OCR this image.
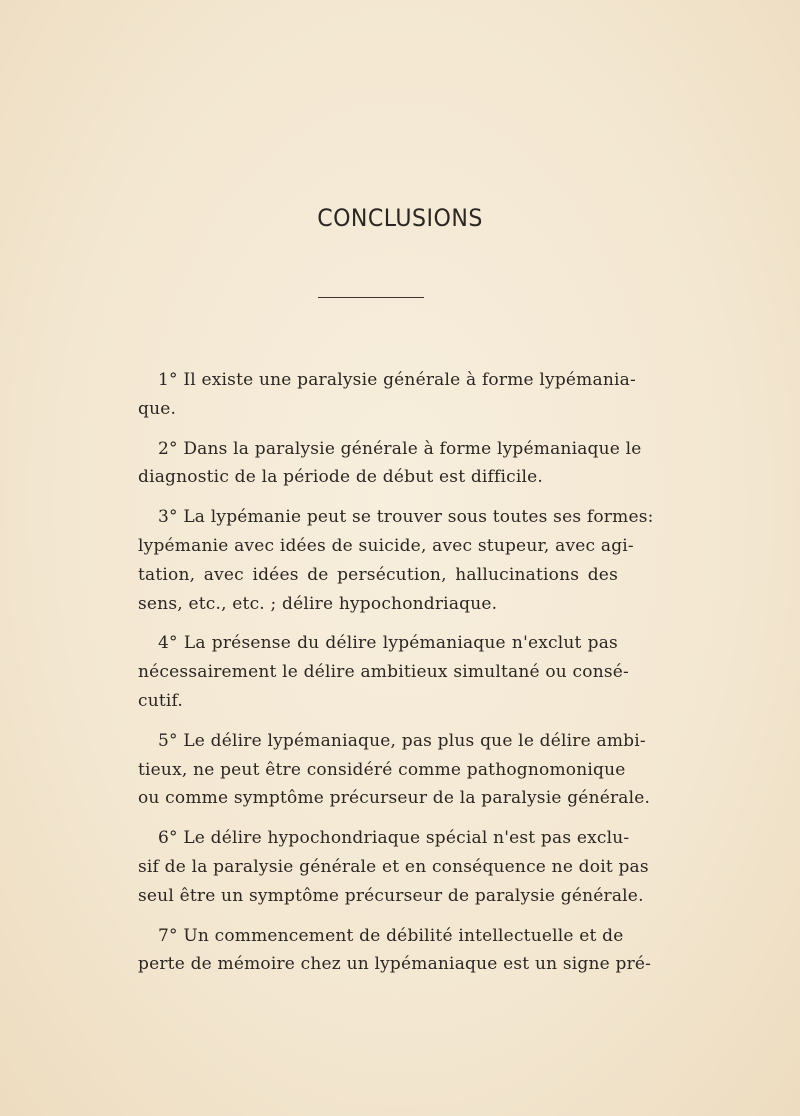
CONCLUSIONS

1° Il existe une paralysie générale à forme lypémania-
que.

2° Dans la paralysie générale à forme lypémaniaque le
diagnostic de la période de début est difficile.

3° La lypémanie peut se trouver sous toutes ses formes:
lypémanie avec idées de suicide, avec stupeur, avec agi-
tation, avec idées de persécution, hallucinations des
sens, etc., etc. ; délire hypochondriaque.

4° La présense du délire lypémaniaque n'exclut pas
nécessairement le délire ambitieux simultané ou consé-
cutif.

5° Le délire lypémaniaque, pas plus que le délire ambi-
tieux, ne peut être considéré comme pathognomonique
ou comme symptôme précurseur de la paralysie générale.

6° Le délire hypochondriaque spécial n'est pas exclu-
sif de la paralysie générale et en conséquence ne doit pas
seul être un symptôme précurseur de paralysie générale.

7° Un commencement de débilité intellectuelle et de
perte de mémoire chez un lypémaniaque est un signe pré-
